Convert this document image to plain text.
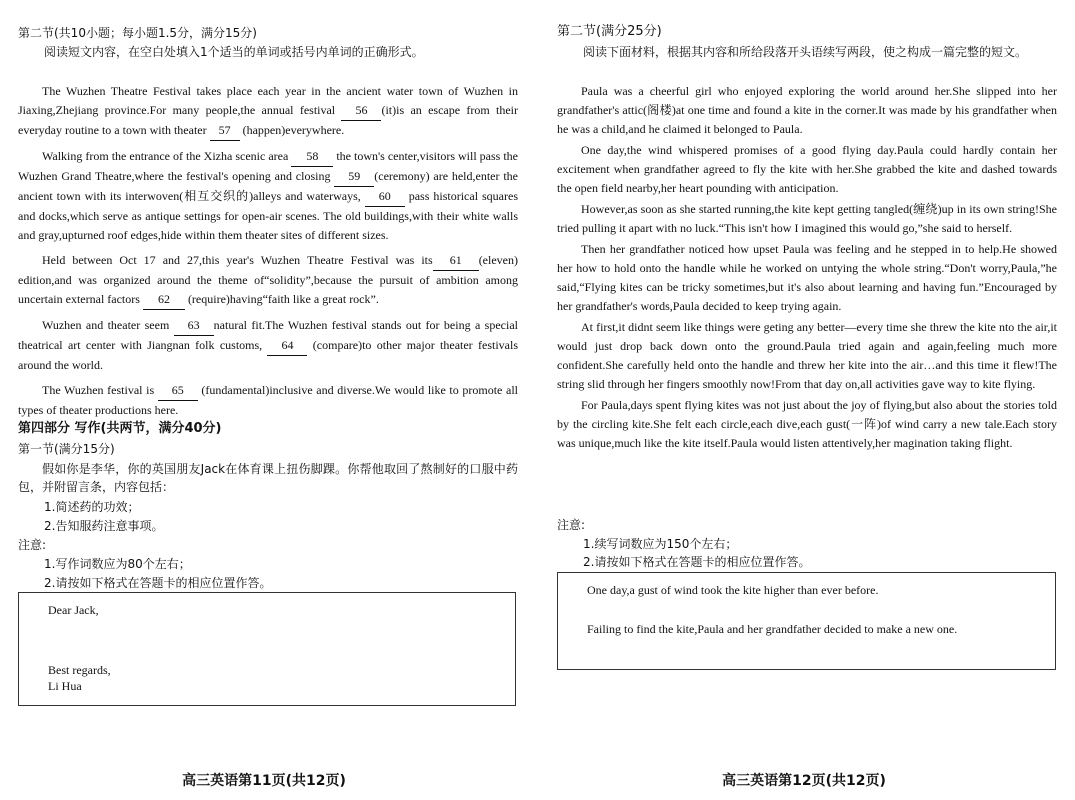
第二节(共10小题；每小题1.5分，满分15分)
阅读短文内容，在空白处填入1个适当的单词或括号内单词的正确形式。

The Wuzhen Theatre Festival takes place each year in the ancient water town of Wuzhen in Jiaxing,Zhejiang province.For many people,the annual festival 56 (it)is an escape from their everyday routine to a town with theater 57 (happen)everywhere.

Walking from the entrance of the Xizha scenic area 58 the town's center,visitors will pass the Wuzhen Grand Theatre,where the festival's opening and closing 59 (ceremony) are held,enter the ancient town with its interwoven(相互交织的)alleys and waterways, 60 pass historical squares and docks,which serve as antique settings for open-air scenes. The old buildings,with their white walls and gray,upturned roof edges,hide within them theater sites of different sizes.

Held between Oct 17 and 27,this year's Wuzhen Theatre Festival was its 61 (eleven) edition,and was organized around the theme of“solidity”,because the pursuit of ambition among uncertain external factors 62 (require)having“faith like a great rock”.

Wuzhen and theater seem 63 natural fit.The Wuzhen festival stands out for being a special theatrical art center with Jiangnan folk customs, 64 (compare)to other major theater festivals around the world.

The Wuzhen festival is 65 (fundamental)inclusive and diverse.We would like to promote all types of theater productions here.

第四部分 写作(共两节，满分40分)
第一节(满分15分)
假如你是李华，你的英国朋友Jack在体育课上扭伤脚踝。你帮他取回了熬制好的口服中药包，并附留言条，内容包括：
1.简述药的功效；
2.告知服药注意事项。
注意:
1.写作词数应为80个左右；
2.请按如下格式在答题卡的相应位置作答。
Dear Jack,
Best regards,
Li Hua
高三英语第11页(共12页)
第二节(满分25分)
阅读下面材料，根据其内容和所给段落开头语续写两段，使之构成一篇完整的短文。

Paula was a cheerful girl who enjoyed exploring the world around her.She slipped into her grandfather's attic(阁楼)at one time and found a kite in the corner.It was made by his grandfather when he was a child,and he claimed it belonged to Paula.

One day,the wind whispered promises of a good flying day.Paula could hardly contain her excitement when grandfather agreed to fly the kite with her.She grabbed the kite and dashed towards the open field nearby,her heart pounding with anticipation.

However,as soon as she started running,the kite kept getting tangled(缠绕)up in its own string!She tried pulling it apart with no luck.“This isn't how I imagined this would go,”she said to herself.

Then her grandfather noticed how upset Paula was feeling and he stepped in to help.He showed her how to hold onto the handle while he worked on untying the whole string.“Don't worry,Paula,”he said,“Flying kites can be tricky sometimes,but it's also about learning and having fun.”Encouraged by her grandfather's words,Paula decided to keep trying again.

At first,it didnt seem like things were geting any better—every time she threw the kite nto the air,it would just drop back down onto the ground.Paula tried again and again,feeling much more confident.She carefully held onto the handle and threw her kite into the air…and this time it flew!The string slid through her fingers smoothly now!From that day on,all activities gave way to kite flying.

For Paula,days spent flying kites was not just about the joy of flying,but also about the stories told by the circling kite.She felt each circle,each dive,each gust(一阵)of wind carry a new tale.Each story was unique,much like the kite itself.Paula would listen attentively,her magination taking flight.

注意:
1.续写词数应为150个左右；
2.请按如下格式在答题卡的相应位置作答。
One day,a gust of wind took the kite higher than ever before.
Failing to find the kite,Paula and her grandfather decided to make a new one.
高三英语第12页(共12页)
